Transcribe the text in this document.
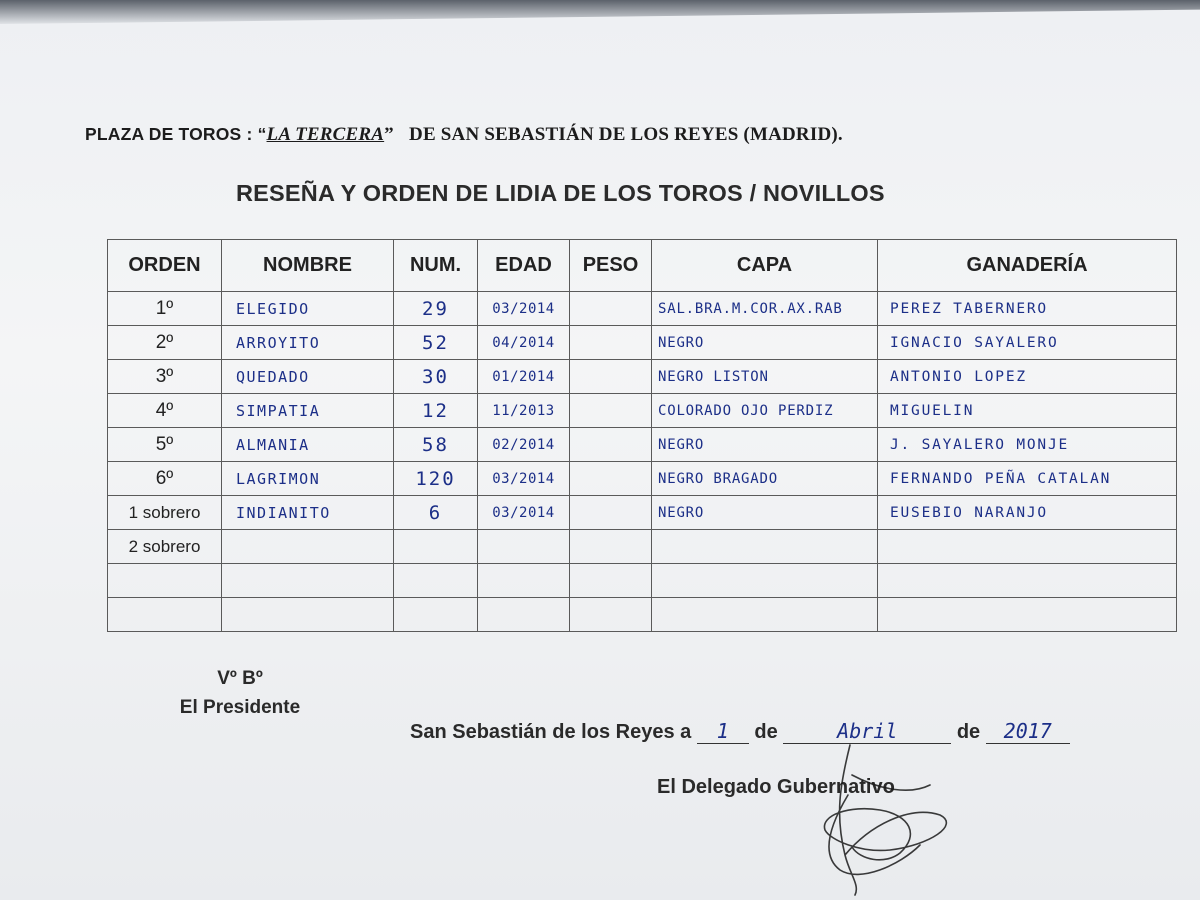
PLAZA DE TOROS : “LA TERCERA” DE SAN SEBASTIÁN DE LOS REYES (MADRID).
RESEÑA Y ORDEN DE LIDIA DE LOS TOROS / NOVILLOS
ORDEN	NOMBRE	NUM.	EDAD	PESO	CAPA	GANADERÍA
1º	ELEGIDO	29	03/2014		SAL.BRA.M.COR.AX.RAB	PEREZ TABERNERO
2º	ARROYITO	52	04/2014		NEGRO	IGNACIO SAYALERO
3º	QUEDADO	30	01/2014		NEGRO LISTON	ANTONIO LOPEZ
4º	SIMPATIA	12	11/2013		COLORADO OJO PERDIZ	MIGUELIN
5º	ALMANIA	58	02/2014		NEGRO	J. SAYALERO MONJE
6º	LAGRIMON	120	03/2014		NEGRO BRAGADO	FERNANDO PEÑA CATALAN
1 sobrero	INDIANITO	6	03/2014		NEGRO	EUSEBIO NARANJO
2 sobrero						

Vº Bº
El Presidente
San Sebastián de los Reyes a 1 de	Abril	de 2017
El Delegado Gubernativo
